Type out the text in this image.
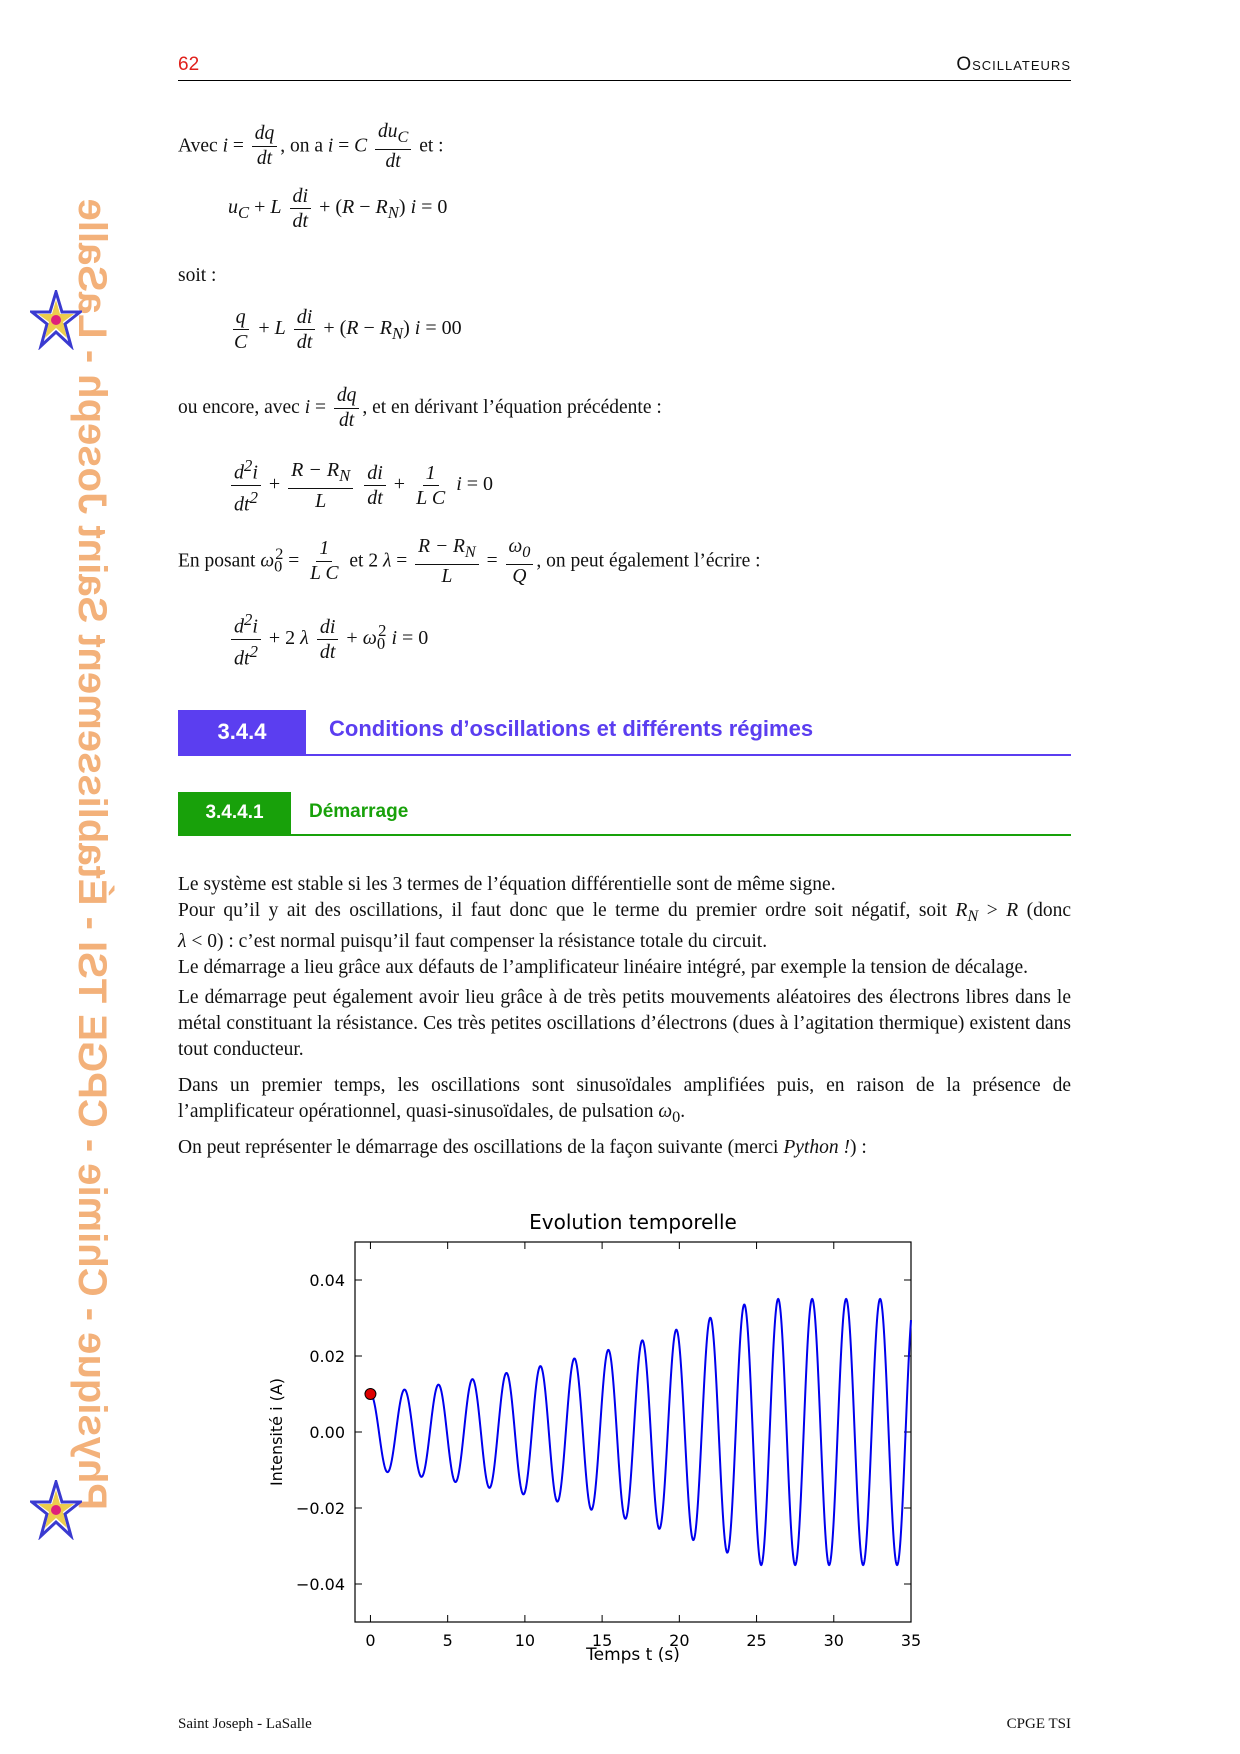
62	Oscillateurs
Physique - Chimie - CPGE TSI - Établissement Saint Joseph - LaSalle
Avec $i = \frac{dq}{dt}$ , on a i = C $\frac{du_C}{dt}$ et :
$u_C + L \frac{di}{dt} + (R - R_N) i = 0$
soit :
$\frac{q}{C} + L \frac{di}{dt} + (R - R_N) i = 00$
ou encore, avec $i = \frac{dq}{dt}$ , et en dérivant l’équation précédente :
$\frac{d^2i}{dt^2} + \frac{R - R_N}{L}$
$\frac{di}{dt} + \frac{1}{\text{L C}}$ i = 0
En posant $\omega_0^2 = \frac{1}{\text{L C}}$ et 2 $\lambda = \frac{R - R_N}{L} = \frac{\omega_0}{Q}$ , on peut également l’écrire :
$\frac{d^2i}{dt^2} + 2$ λ $\frac{di}{dt} + \omega_0^2$ i = 0
3.4.4	Conditions d’oscillations et différents régimes
3.4.4.1	Démarrage
Le système est stable si les 3 termes de l’équation différentielle sont de même signe.
Pour qu’il y ait des oscillations, il faut donc que le terme du premier ordre soit négatif, soit $R_N > R$ (donc
λ < 0) : c’est normal puisqu’il faut compenser la résistance totale du circuit.
Le démarrage a lieu grâce aux défauts de l’amplificateur linéaire intégré, par exemple la tension de décalage.
Le démarrage peut également avoir lieu grâce à de très petits mouvements aléatoires des électrons libres dans le métal constituant la résistance. Ces très petites oscillations d’électrons (dues à l’agitation thermique) existent dans tout conducteur.
Dans un premier temps, les oscillations sont sinusoïdales amplifiées puis, en raison de la présence de l’amplificateur opérationnel, quasi-sinusoïdales, de pulsation $\omega_0$.
On peut représenter le démarrage des oscillations de la façon suivante (merci Python !) :
Evolution temporelle
0	5	10	15	20	25	30	35
0.04
0.02
0.00
−0.02
−0.04
Temps t (s)
Intensité i (A)
Saint Joseph - LaSalle	CPGE TSI
